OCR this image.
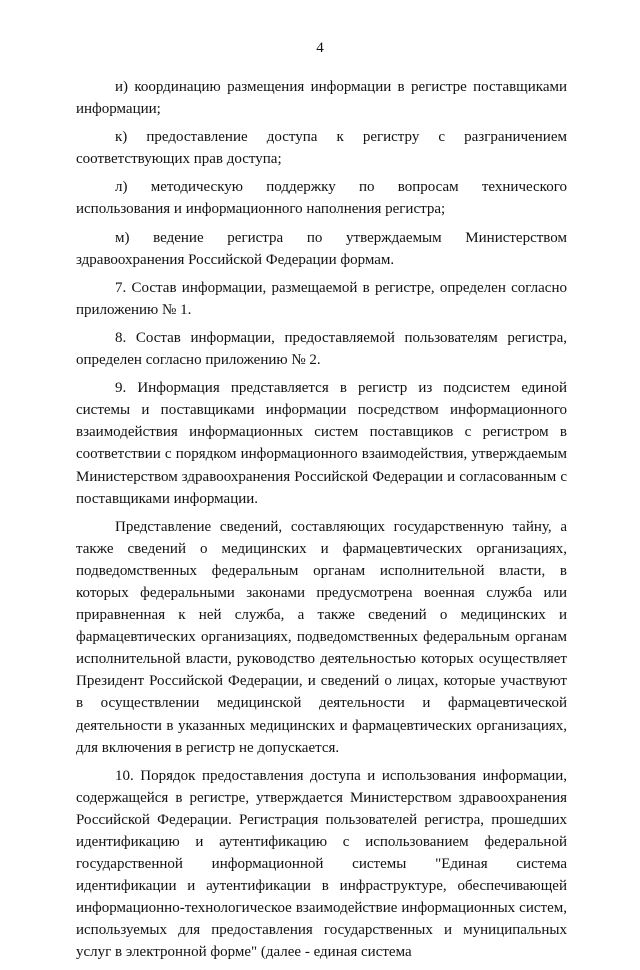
4

и) координацию размещения информации в регистре поставщиками информации;

к) предоставление доступа к регистру с разграничением соответствующих прав доступа;

л) методическую поддержку по вопросам технического использования и информационного наполнения регистра;

м) ведение регистра по утверждаемым Министерством здравоохранения Российской Федерации формам.

7. Состав информации, размещаемой в регистре, определен согласно приложению № 1.

8. Состав информации, предоставляемой пользователям регистра, определен согласно приложению № 2.

9. Информация представляется в регистр из подсистем единой системы и поставщиками информации посредством информационного взаимодействия информационных систем поставщиков с регистром в соответствии с порядком информационного взаимодействия, утверждаемым Министерством здравоохранения Российской Федерации и согласованным с поставщиками информации.

Представление сведений, составляющих государственную тайну, а также сведений о медицинских и фармацевтических организациях, подведомственных федеральным органам исполнительной власти, в которых федеральными законами предусмотрена военная служба или приравненная к ней служба, а также сведений о медицинских и фармацевтических организациях, подведомственных федеральным органам исполнительной власти, руководство деятельностью которых осуществляет Президент Российской Федерации, и сведений о лицах, которые участвуют в осуществлении медицинской деятельности и фармацевтической деятельности в указанных медицинских и фармацевтических организациях, для включения в регистр не допускается.

10. Порядок предоставления доступа и использования информации, содержащейся в регистре, утверждается Министерством здравоохранения Российской Федерации. Регистрация пользователей регистра, прошедших идентификацию и аутентификацию с использованием федеральной государственной информационной системы "Единая система идентификации и аутентификации в инфраструктуре, обеспечивающей информационно-технологическое взаимодействие информационных систем, используемых для предоставления государственных и муниципальных услуг в электронной форме" (далее - единая система
